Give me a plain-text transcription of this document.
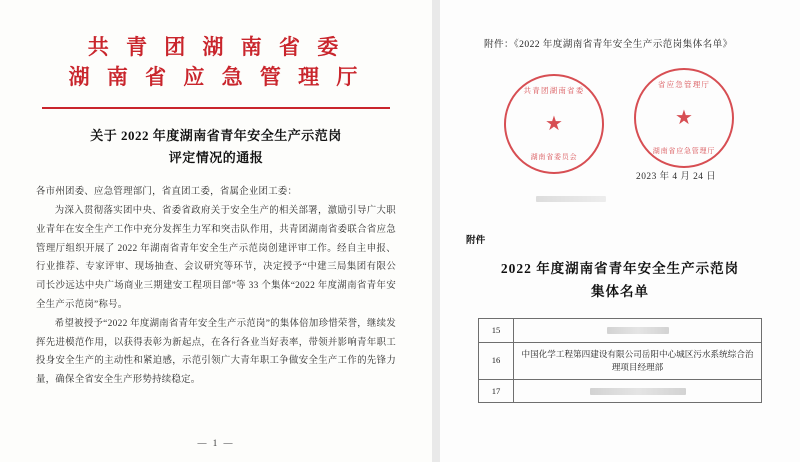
共 青 团 湖 南 省 委
湖 南 省 应 急 管 理 厅
关于 2022 年度湖南省青年安全生产示范岗
评定情况的通报

各市州团委、应急管理部门，省直团工委，省属企业团工委：

为深入贯彻落实团中央、省委省政府关于安全生产的相关部署，激励引导广大职业青年在安全生产工作中充分发挥生力军和突击队作用，共青团湖南省委联合省应急管理厅组织开展了 2022 年湖南省青年安全生产示范岗创建评审工作。经自主申报、行业推荐、专家评审、现场抽查、会议研究等环节，决定授予“中建三局集团有限公司长沙远达中央广场商业三期建安工程项目部”等 33 个集体“2022 年度湖南省青年安全生产示范岗”称号。

希望被授予“2022 年度湖南省青年安全生产示范岗”的集体倍加珍惜荣誉，继续发挥先进模范作用，以获得表彰为新起点，在各行各业当好表率，带领并影响青年职工投身安全生产的主动性和紧迫感，示范引领广大青年职工争做安全生产工作的先锋力量，确保全省安全生产形势持续稳定。

— 1 —
附件：《2022 年度湖南省青年安全生产示范岗集体名单》
共青团湖南省委
★
湖南省委员会
省应急管理厅
★
湖南省应急管理厅
2023 年 4 月 24 日
附件
2022 年度湖南省青年安全生产示范岗
集体名单
15	
16	中国化学工程第四建设有限公司岳阳中心城区污水系统综合治理项目经理部
17	
